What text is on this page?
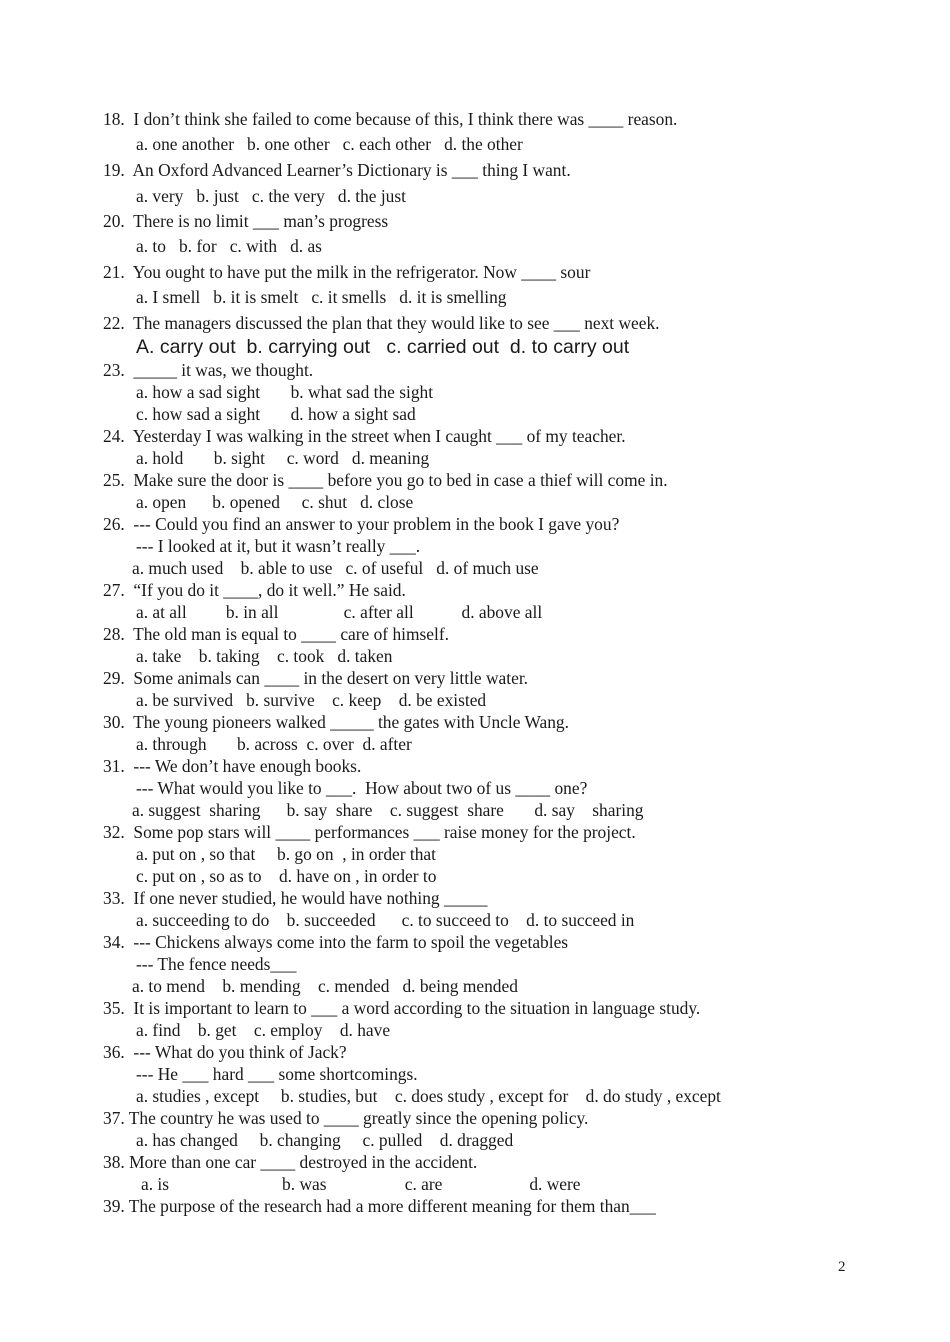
18.  I don’t think she failed to come because of this, I think there was ____ reason.
a. one another   b. one other   c. each other   d. the other
19.  An Oxford Advanced Learner’s Dictionary is ___ thing I want.
a. very   b. just   c. the very   d. the just
20.  There is no limit ___ man’s progress
a. to   b. for   c. with   d. as
21.  You ought to have put the milk in the refrigerator. Now ____ sour
a. I smell   b. it is smelt   c. it smells   d. it is smelling
22.  The managers discussed the plan that they would like to see ___ next week.
A. carry out  b. carrying out   c. carried out  d. to carry out
23.  _____ it was, we thought.
a. how a sad sight       b. what sad the sight
c. how sad a sight       d. how a sight sad
24.  Yesterday I was walking in the street when I caught ___ of my teacher.
a. hold       b. sight     c. word   d. meaning
25.  Make sure the door is ____ before you go to bed in case a thief will come in.
a. open      b. opened     c. shut   d. close
26.  --- Could you find an answer to your problem in the book I gave you?
--- I looked at it, but it wasn’t really ___.
a. much used    b. able to use   c. of useful   d. of much use
27.  “If you do it ____, do it well.” He said.
a. at all         b. in all               c. after all           d. above all
28.  The old man is equal to ____ care of himself.
a. take    b. taking    c. took   d. taken
29.  Some animals can ____ in the desert on very little water.
a. be survived   b. survive    c. keep    d. be existed
30.  The young pioneers walked _____ the gates with Uncle Wang.
a. through       b. across  c. over  d. after
31.  --- We don’t have enough books.
--- What would you like to ___.  How about two of us ____ one?
a. suggest  sharing      b. say  share    c. suggest  share       d. say    sharing
32.  Some pop stars will ____ performances ___ raise money for the project.
a. put on , so that     b. go on  , in order that
c. put on , so as to    d. have on , in order to
33.  If one never studied, he would have nothing _____
a. succeeding to do    b. succeeded      c. to succeed to    d. to succeed in
34.  --- Chickens always come into the farm to spoil the vegetables
--- The fence needs___
a. to mend    b. mending    c. mended   d. being mended
35.  It is important to learn to ___ a word according to the situation in language study.
a. find    b. get    c. employ    d. have
36.  --- What do you think of Jack?
--- He ___ hard ___ some shortcomings.
a. studies , except     b. studies, but    c. does study , except for    d. do study , except
37. The country he was used to ____ greatly since the opening policy.
a. has changed     b. changing     c. pulled    d. dragged
38. More than one car ____ destroyed in the accident.
a. is                          b. was                  c. are                    d. were
39. The purpose of the research had a more different meaning for them than___
2
